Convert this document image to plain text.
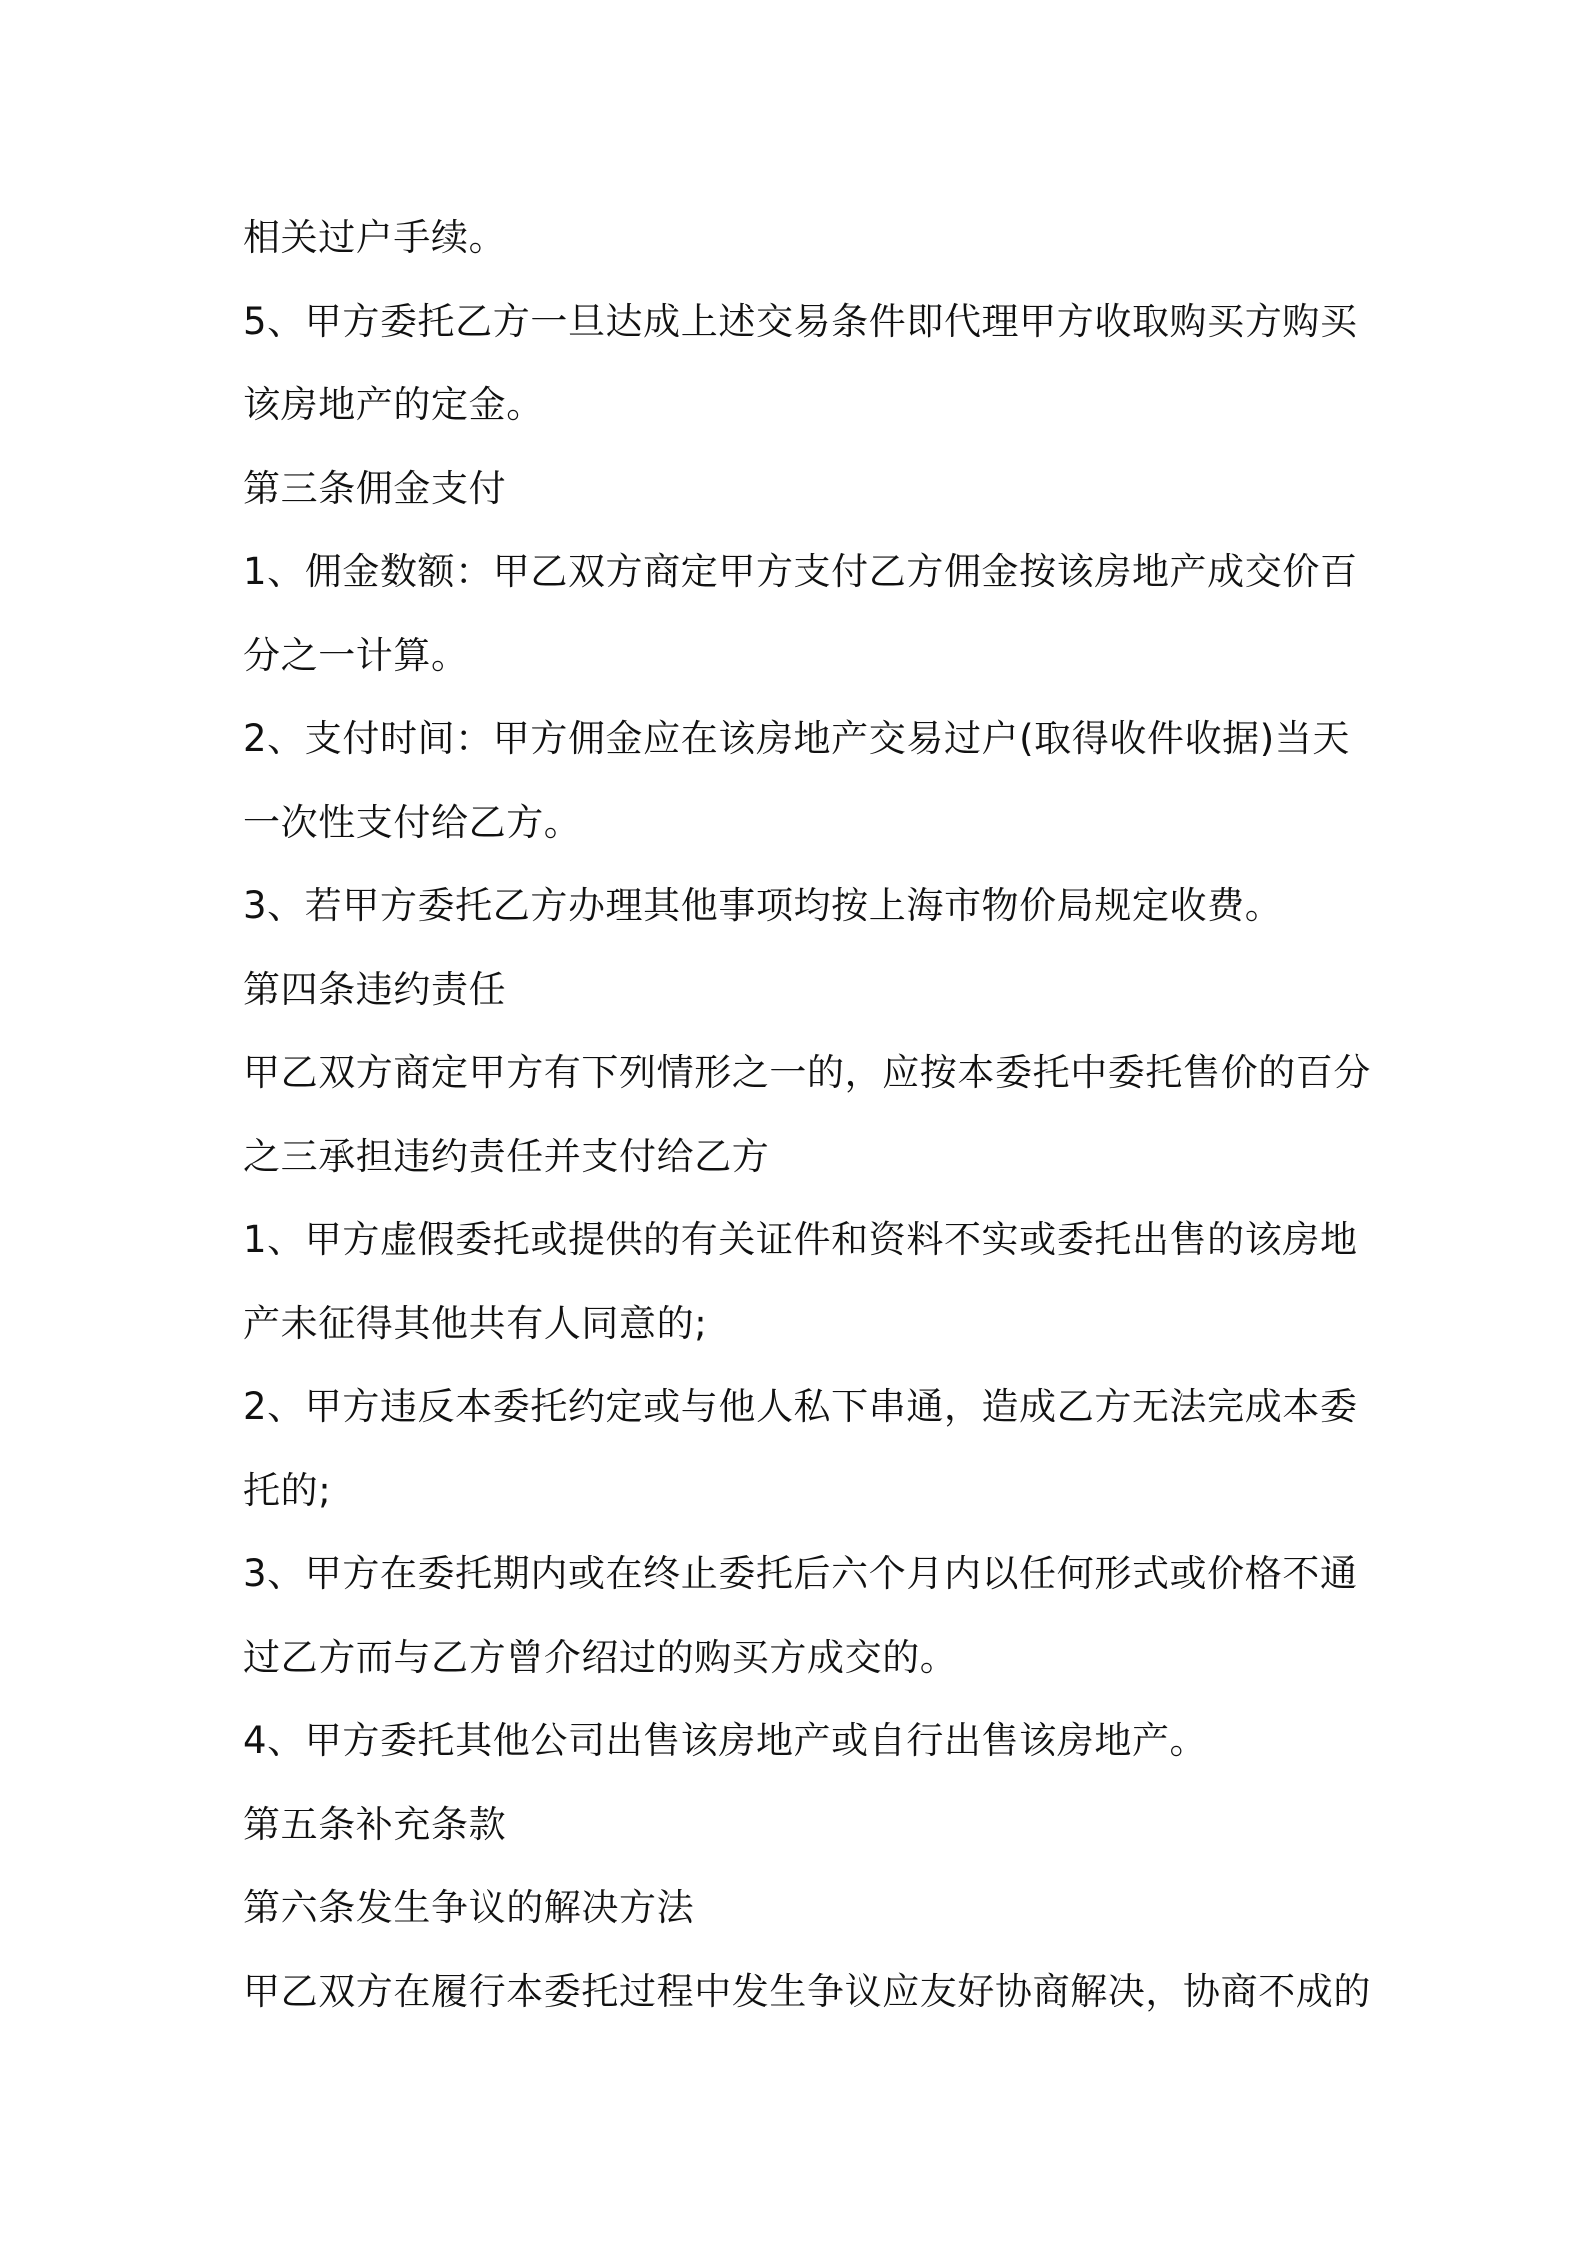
相关过户手续。
5、甲方委托乙方一旦达成上述交易条件即代理甲方收取购买方购买
该房地产的定金。
第三条佣金支付
1、佣金数额：甲乙双方商定甲方支付乙方佣金按该房地产成交价百
分之一计算。
2、支付时间：甲方佣金应在该房地产交易过户(取得收件收据)当天
一次性支付给乙方。
3、若甲方委托乙方办理其他事项均按上海市物价局规定收费。
第四条违约责任
甲乙双方商定甲方有下列情形之一的，应按本委托中委托售价的百分
之三承担违约责任并支付给乙方
1、甲方虚假委托或提供的有关证件和资料不实或委托出售的该房地
产未征得其他共有人同意的;
2、甲方违反本委托约定或与他人私下串通，造成乙方无法完成本委
托的;
3、甲方在委托期内或在终止委托后六个月内以任何形式或价格不通
过乙方而与乙方曾介绍过的购买方成交的。
4、甲方委托其他公司出售该房地产或自行出售该房地产。
第五条补充条款
第六条发生争议的解决方法
甲乙双方在履行本委托过程中发生争议应友好协商解决，协商不成的
